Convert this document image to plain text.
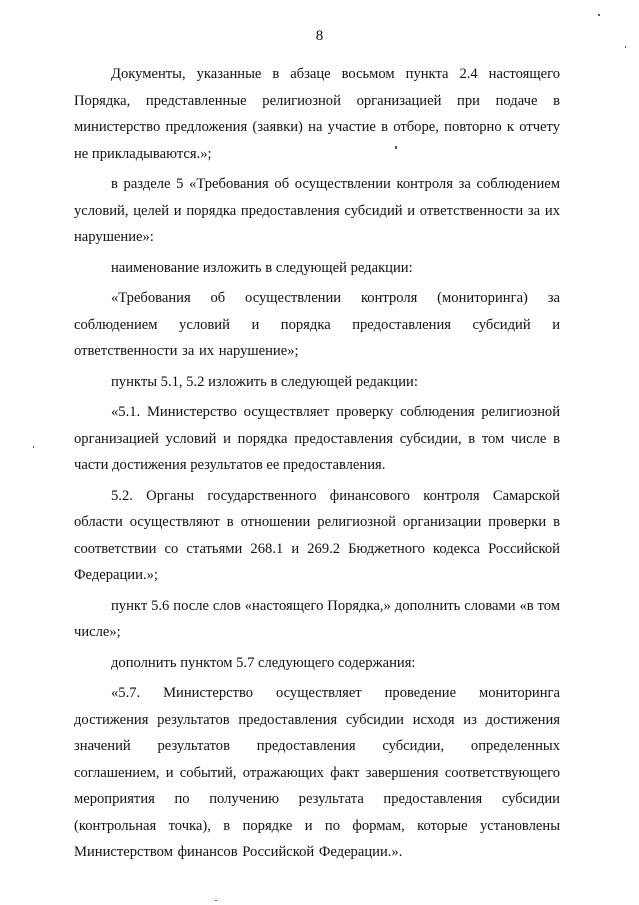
8

Документы, указанные в абзаце восьмом пункта 2.4 настоящего Порядка, представленные религиозной организацией при подаче в министерство предложения (заявки) на участие в отборе, повторно к отчету не прикладываются.»;

в разделе 5 «Требования об осуществлении контроля за соблюдением условий, целей и порядка предоставления субсидий и ответственности за их нарушение»:

наименование изложить в следующей редакции:

«Требования об осуществлении контроля (мониторинга) за соблюдением условий и порядка предоставления субсидий и ответственности за их нарушение»;

пункты 5.1, 5.2 изложить в следующей редакции:

«5.1. Министерство осуществляет проверку соблюдения религиозной организацией условий и порядка предоставления субсидии, в том числе в части достижения результатов ее предоставления.

5.2. Органы государственного финансового контроля Самарской области осуществляют в отношении религиозной организации проверки в соответствии со статьями 268.1 и 269.2 Бюджетного кодекса Российской Федерации.»;

пункт 5.6 после слов «настоящего Порядка,» дополнить словами «в том числе»;

дополнить пунктом 5.7 следующего содержания:

«5.7. Министерство осуществляет проведение мониторинга достижения результатов предоставления субсидии исходя из достижения значений результатов предоставления субсидии, определенных соглашением, и событий, отражающих факт завершения соответствующего мероприятия по получению результата предоставления субсидии (контрольная точка), в порядке и по формам, которые установлены Министерством финансов Российской Федерации.».
